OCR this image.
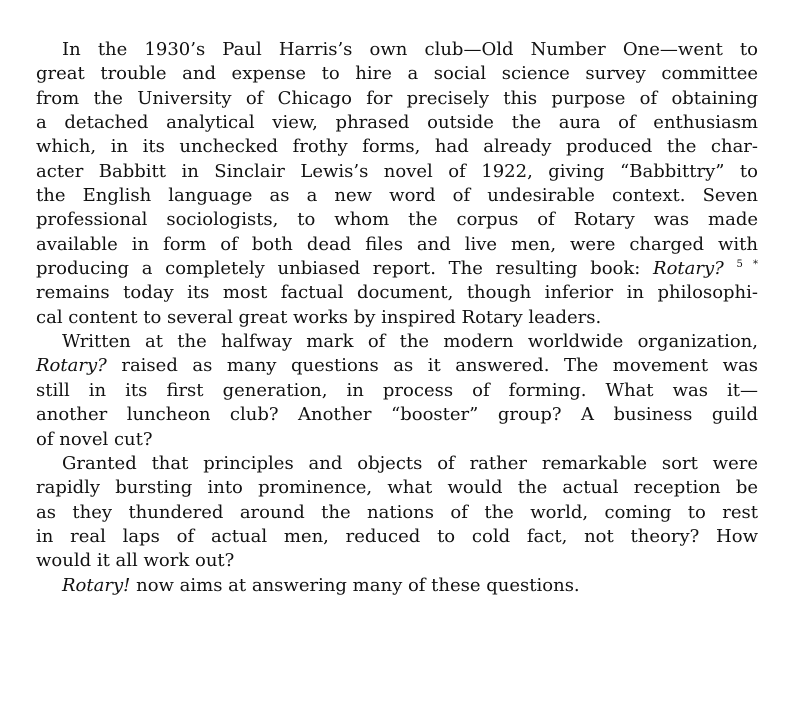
In the 1930’s Paul Harris’s own club—Old Number One—went to
great trouble and expense to hire a social science survey committee
from the University of Chicago for precisely this purpose of obtaining
a detached analytical view, phrased outside the aura of enthusiasm
which, in its unchecked frothy forms, had already produced the char-
acter Babbitt in Sinclair Lewis’s novel of 1922, giving “Babbittry” to
the English language as a new word of undesirable context. Seven
professional sociologists, to whom the corpus of Rotary was made
available in form of both dead files and live men, were charged with
producing a completely unbiased report. The resulting book: Rotary? $^{5 *}$
remains today its most factual document, though inferior in philosophi-
cal content to several great works by inspired Rotary leaders.
Written at the halfway mark of the modern worldwide organization,
Rotary? raised as many questions as it answered. The movement was
still in its first generation, in process of forming. What was it—
another luncheon club? Another “booster” group? A business guild
of novel cut?
Granted that principles and objects of rather remarkable sort were
rapidly bursting into prominence, what would the actual reception be
as they thundered around the nations of the world, coming to rest
in real laps of actual men, reduced to cold fact, not theory? How
would it all work out?
Rotary! now aims at answering many of these questions.
